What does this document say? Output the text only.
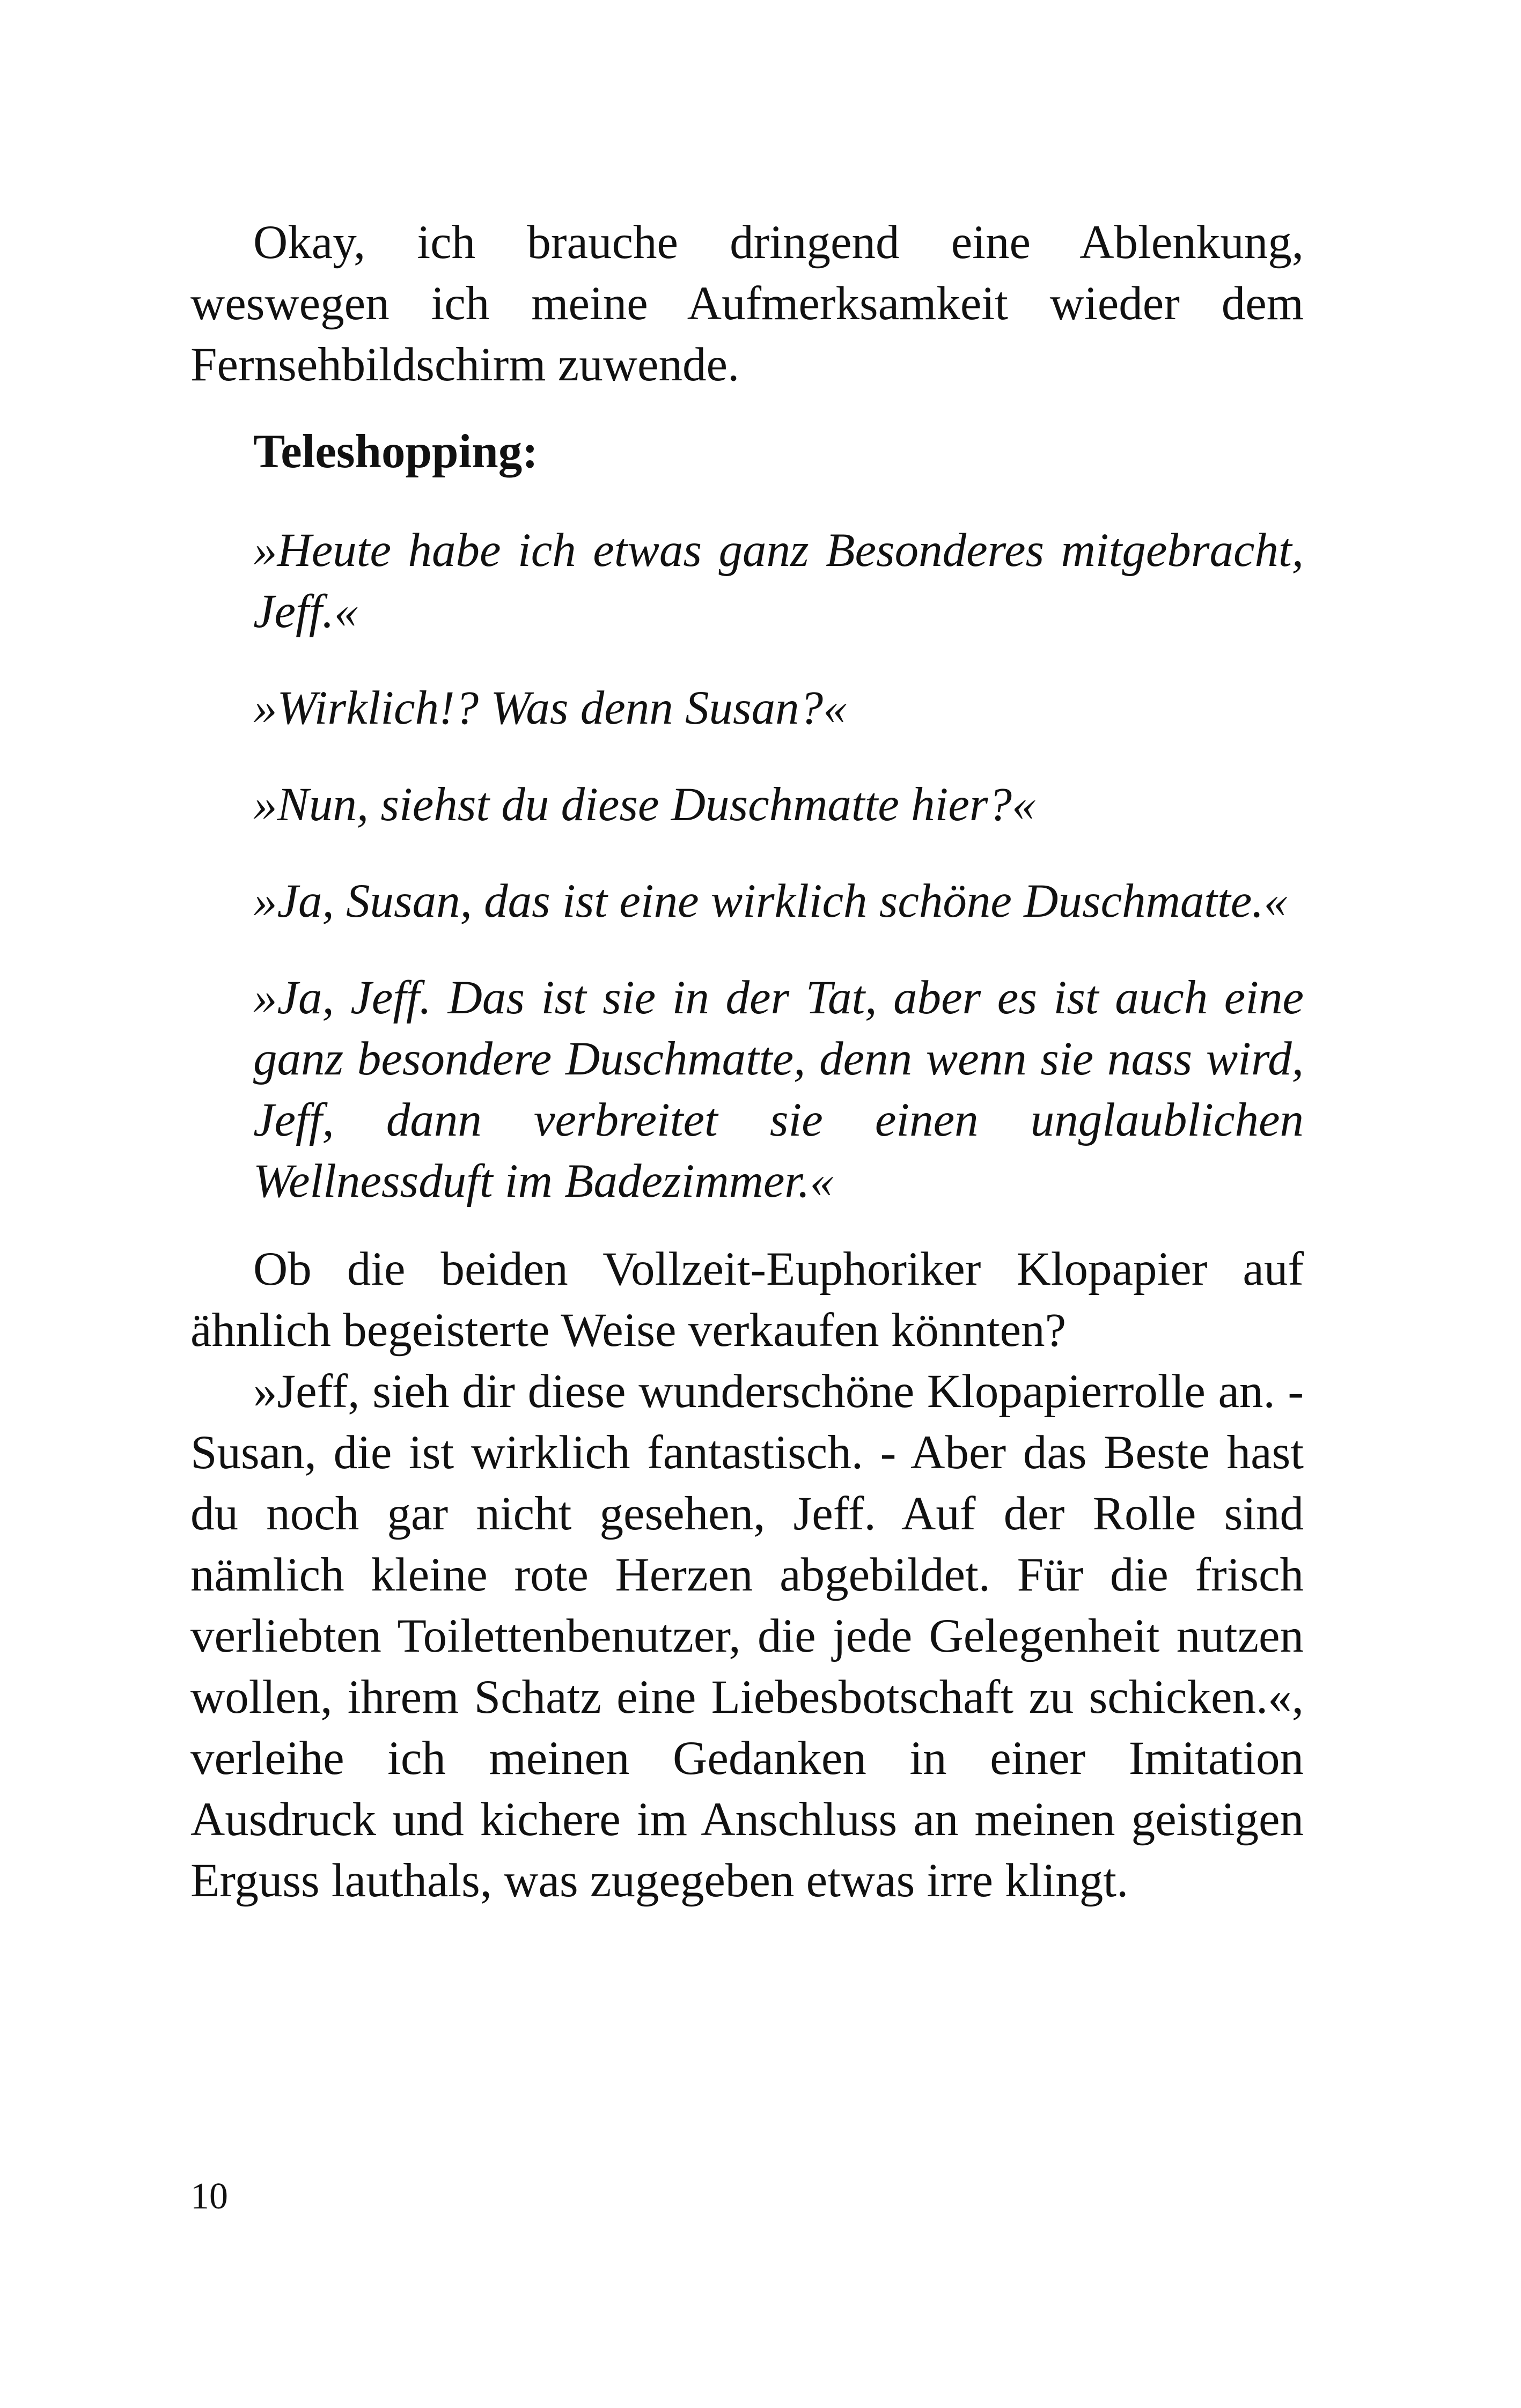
Okay, ich brauche dringend eine Ablenkung, weswegen ich meine Aufmerksamkeit wieder dem Fernsehbildschirm zuwende.

Teleshopping:
»Heute habe ich etwas ganz Besonderes mitgebracht, Jeff.«
»Wirklich!? Was denn Susan?«
»Nun, siehst du diese Duschmatte hier?«
»Ja, Susan, das ist eine wirklich schöne Duschmatte.«
»Ja, Jeff. Das ist sie in der Tat, aber es ist auch eine ganz besondere Duschmatte, denn wenn sie nass wird, Jeff, dann verbreitet sie einen unglaublichen Wellnessduft im Badezimmer.«

Ob die beiden Vollzeit-Euphoriker Klopapier auf ähnlich begeisterte Weise verkaufen könnten?

»Jeff, sieh dir diese wunderschöne Klopapierrolle an. - Susan, die ist wirklich fantastisch. - Aber das Beste hast du noch gar nicht gesehen, Jeff. Auf der Rolle sind nämlich kleine rote Herzen abgebildet. Für die frisch verliebten Toilettenbenutzer, die jede Gelegenheit nutzen wollen, ihrem Schatz eine Liebesbotschaft zu schicken.«, verleihe ich meinen Gedanken in einer Imitation Ausdruck und kichere im Anschluss an meinen geistigen Erguss lauthals, was zugegeben etwas irre klingt.

10
